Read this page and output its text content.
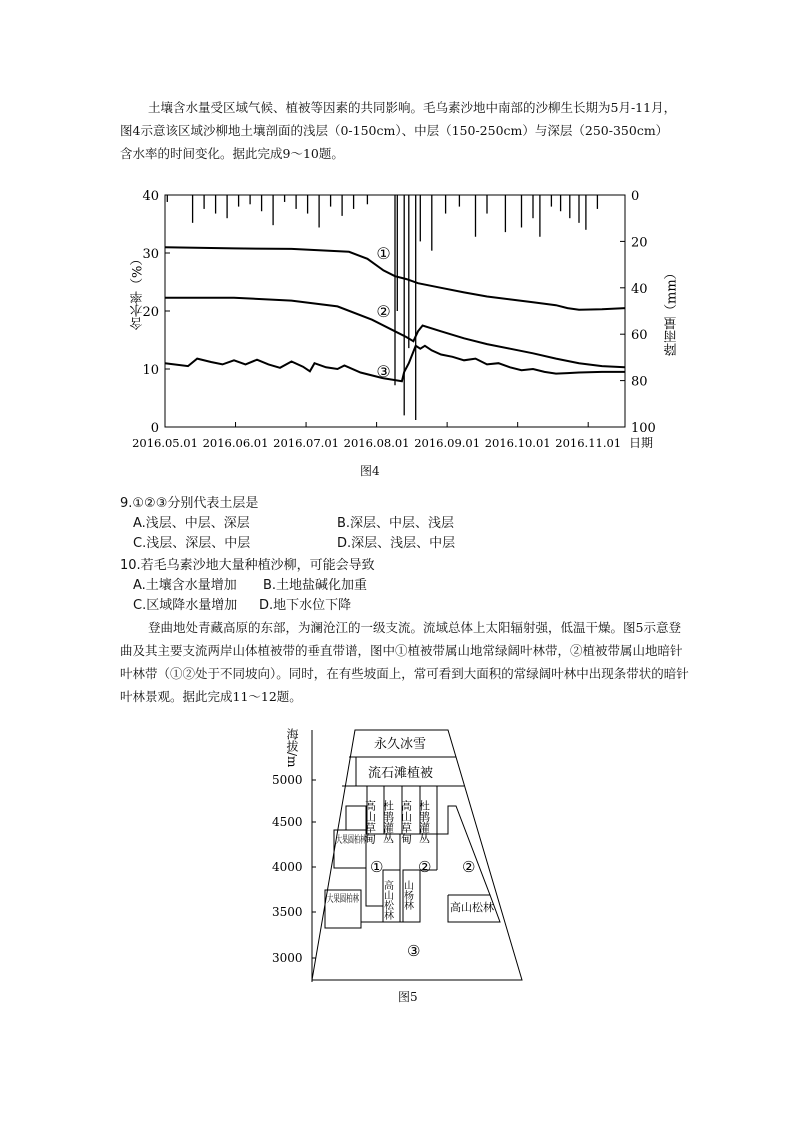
土壤含水量受区域气候、植被等因素的共同影响。毛乌素沙地中南部的沙柳生长期为5月-11月，图4示意该区域沙柳地土壤剖面的浅层（0-150cm）、中层（150-250cm）与深层（250-350cm）含水率的时间变化。据此完成9～10题。
0
10
20
30
40	0
20
40
60
80
100
2016.05.01 2016.06.01 2016.07.01 2016.08.01 2016.09.01 2016.10.01 2016.11.01 日期
含水率（%）	降雨量（mm）
①
②
③
图4
9.①②③分别代表土层是
A.浅层、中层、深层	B.深层、中层、浅层
C.浅层、深层、中层	D.深层、浅层、中层
10.若毛乌素沙地大量种植沙柳，可能会导致
A.土壤含水量增加 B.土地盐碱化加重
C.区域降水量增加 D.地下水位下降
登曲地处青藏高原的东部，为澜沧江的一级支流。流域总体上太阳辐射强，低温干燥。图5示意登曲及其主要支流两岸山体植被带的垂直带谱，图中①植被带属山地常绿阔叶林带，②植被带属山地暗针叶林带（①②处于不同坡向）。同时，在有些坡面上，常可看到大面积的常绿阔叶林中出现条带状的暗针叶林景观。据此完成11～12题。
5000
4500
4000
3500
3000
海拔/m	永久冰雪
流石滩植被
高山草甸 杜鹃灌丛 高山草甸 杜鹃灌丛
大果圆柏林
① ② ②
高山松林 山杨林	高山松林
大果圆柏林
③
图5
